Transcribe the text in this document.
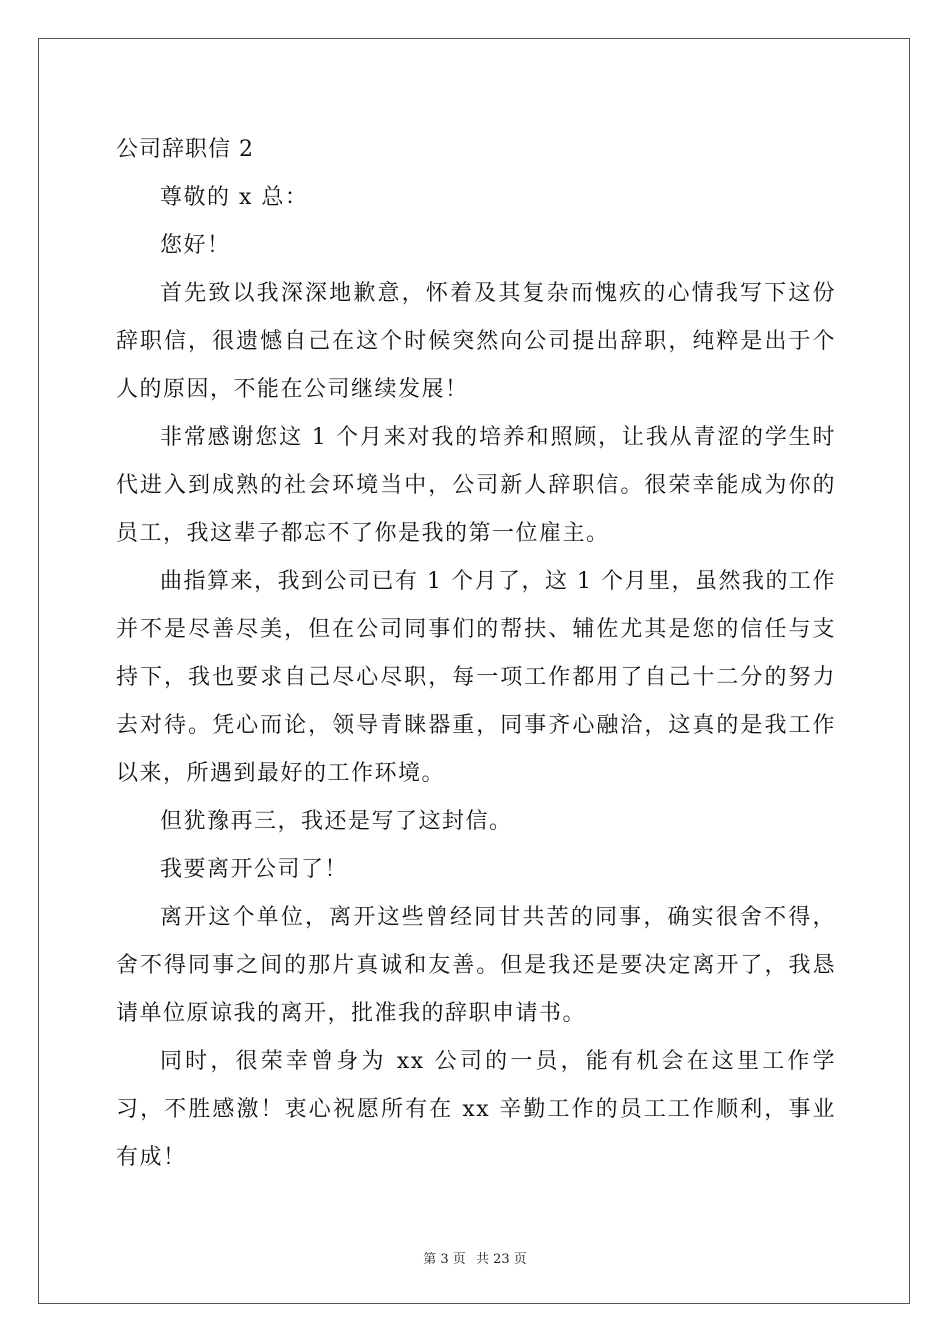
公司辞职信 2

尊敬的 x 总：

您好！

首先致以我深深地歉意，怀着及其复杂而愧疚的心情我写下这份辞职信，很遗憾自己在这个时候突然向公司提出辞职，纯粹是出于个人的原因，不能在公司继续发展！

非常感谢您这 1 个月来对我的培养和照顾，让我从青涩的学生时代进入到成熟的社会环境当中，公司新人辞职信。很荣幸能成为你的员工，我这辈子都忘不了你是我的第一位雇主。

曲指算来，我到公司已有 1 个月了，这 1 个月里，虽然我的工作并不是尽善尽美，但在公司同事们的帮扶、辅佐尤其是您的信任与支持下，我也要求自己尽心尽职，每一项工作都用了自己十二分的努力去对待。凭心而论，领导青睐器重，同事齐心融洽，这真的是我工作以来，所遇到最好的工作环境。

但犹豫再三，我还是写了这封信。

我要离开公司了！

离开这个单位，离开这些曾经同甘共苦的同事，确实很舍不得，舍不得同事之间的那片真诚和友善。但是我还是要决定离开了，我恳请单位原谅我的离开，批准我的辞职申请书。

同时，很荣幸曾身为 xx 公司的一员，能有机会在这里工作学习，不胜感激！衷心祝愿所有在 xx 辛勤工作的员工工作顺利，事业有成！

第 3 页 共 23 页
